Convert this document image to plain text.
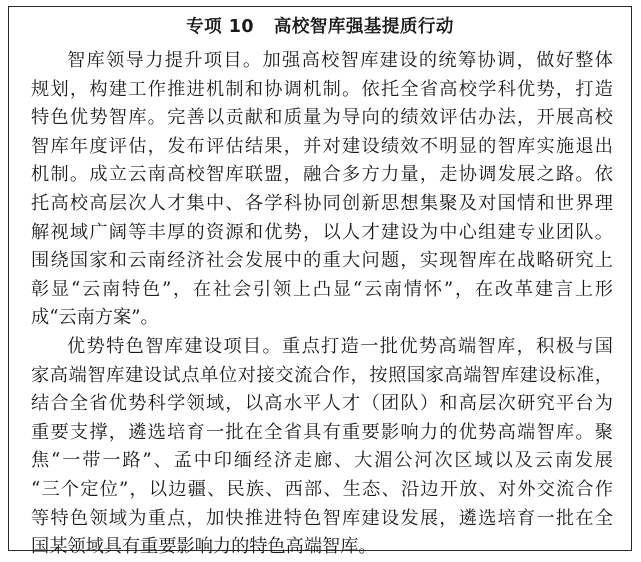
专项 10   高校智库强基提质行动
智库领导力提升项目。加强高校智库建设的统筹协调，做好整体
规划，构建工作推进机制和协调机制。依托全省高校学科优势，打造
特色优势智库。完善以贡献和质量为导向的绩效评估办法，开展高校
智库年度评估，发布评估结果，并对建设绩效不明显的智库实施退出
机制。成立云南高校智库联盟，融合多方力量，走协调发展之路。依
托高校高层次人才集中、各学科协同创新思想集聚及对国情和世界理
解视域广阔等丰厚的资源和优势，以人才建设为中心组建专业团队。
围绕国家和云南经济社会发展中的重大问题，实现智库在战略研究上
彰显“云南特色”，在社会引领上凸显“云南情怀”，在改革建言上形
成“云南方案”。
优势特色智库建设项目。重点打造一批优势高端智库，积极与国
家高端智库建设试点单位对接交流合作，按照国家高端智库建设标准，
结合全省优势科学领域，以高水平人才（团队）和高层次研究平台为
重要支撑，遴选培育一批在全省具有重要影响力的优势高端智库。聚
焦“一带一路”、孟中印缅经济走廊、大湄公河次区域以及云南发展
“三个定位”，以边疆、民族、西部、生态、沿边开放、对外交流合作
等特色领域为重点，加快推进特色智库建设发展，遴选培育一批在全
国某领域具有重要影响力的特色高端智库。
